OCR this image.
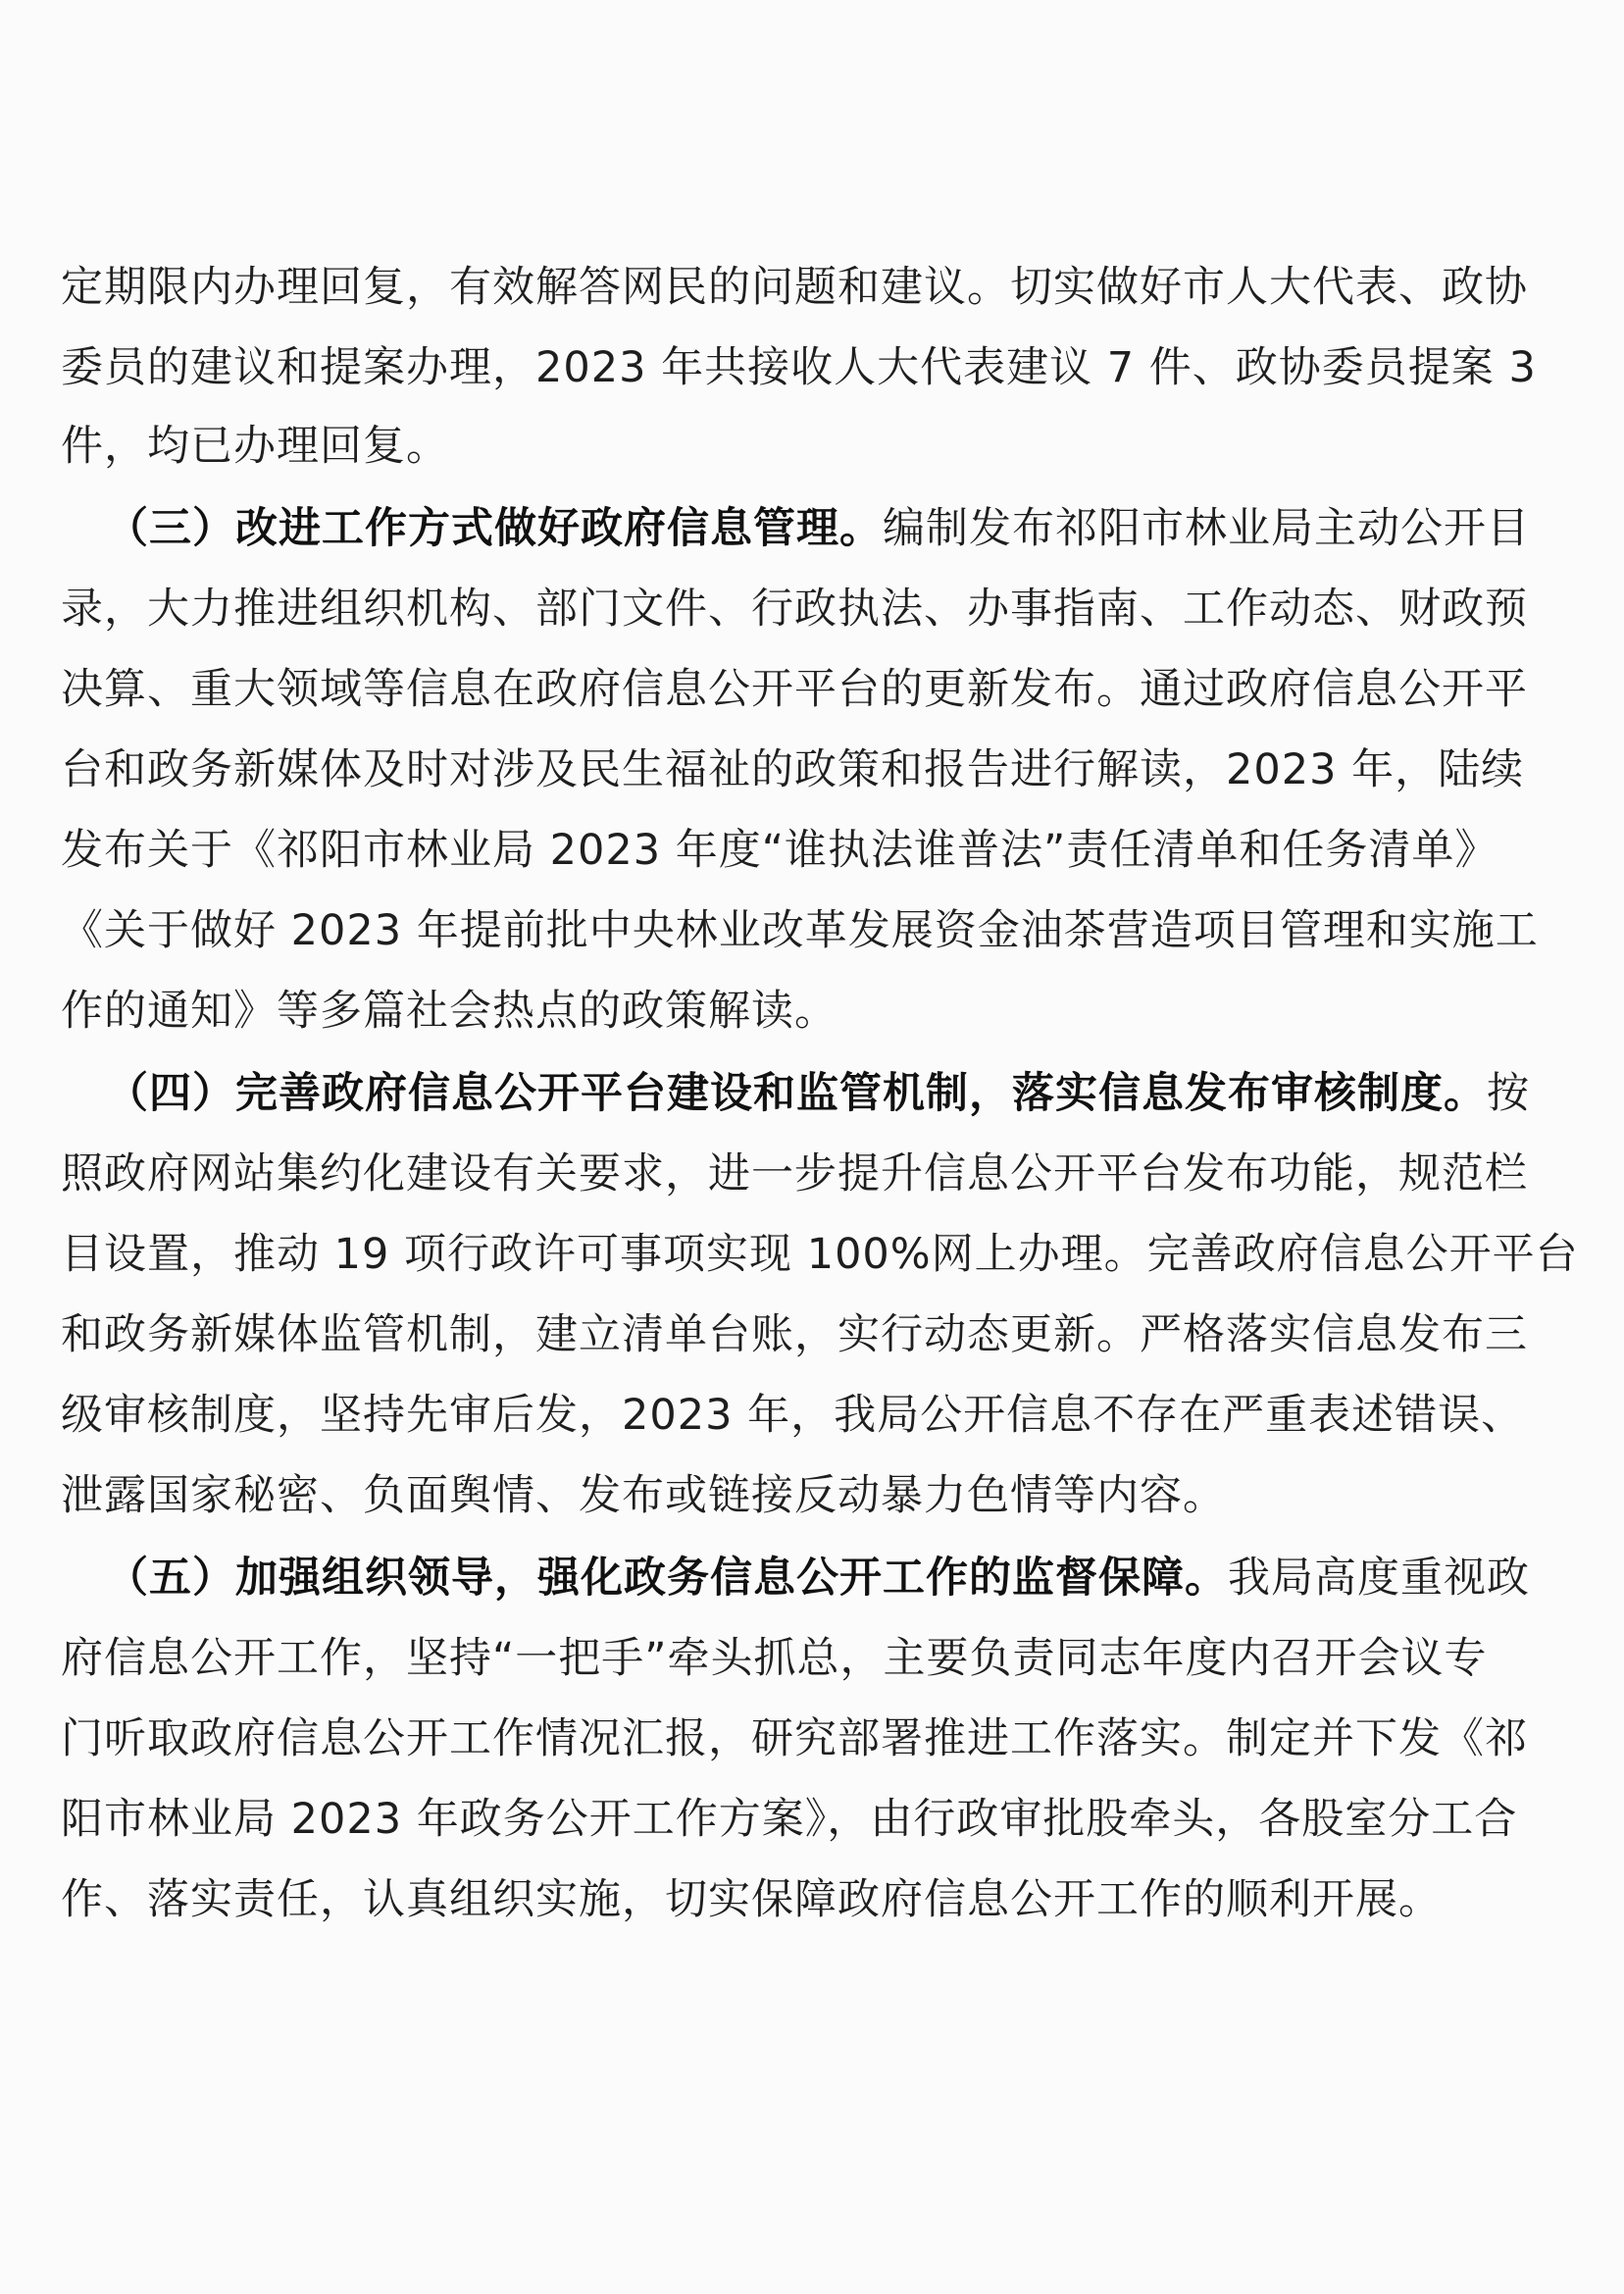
定期限内办理回复，有效解答网民的问题和建议。切实做好市人大代表、政协

委员的建议和提案办理，2023 年共接收人大代表建议 7 件、政协委员提案 3

件，均已办理回复。

（三）改进工作方式做好政府信息管理。编制发布祁阳市林业局主动公开目

录，大力推进组织机构、部门文件、行政执法、办事指南、工作动态、财政预

决算、重大领域等信息在政府信息公开平台的更新发布。通过政府信息公开平

台和政务新媒体及时对涉及民生福祉的政策和报告进行解读，2023 年，陆续

发布关于《祁阳市林业局 2023 年度“谁执法谁普法”责任清单和任务清单》

《关于做好 2023 年提前批中央林业改革发展资金油茶营造项目管理和实施工

作的通知》等多篇社会热点的政策解读。

（四）完善政府信息公开平台建设和监管机制，落实信息发布审核制度。按

照政府网站集约化建设有关要求，进一步提升信息公开平台发布功能，规范栏

目设置，推动 19 项行政许可事项实现 100%网上办理。完善政府信息公开平台

和政务新媒体监管机制，建立清单台账，实行动态更新。严格落实信息发布三

级审核制度，坚持先审后发，2023 年，我局公开信息不存在严重表述错误、

泄露国家秘密、负面舆情、发布或链接反动暴力色情等内容。

（五）加强组织领导，强化政务信息公开工作的监督保障。我局高度重视政

府信息公开工作，坚持“一把手”牵头抓总，主要负责同志年度内召开会议专

门听取政府信息公开工作情况汇报，研究部署推进工作落实。制定并下发《祁

阳市林业局 2023 年政务公开工作方案》，由行政审批股牵头，各股室分工合

作、落实责任，认真组织实施，切实保障政府信息公开工作的顺利开展。
